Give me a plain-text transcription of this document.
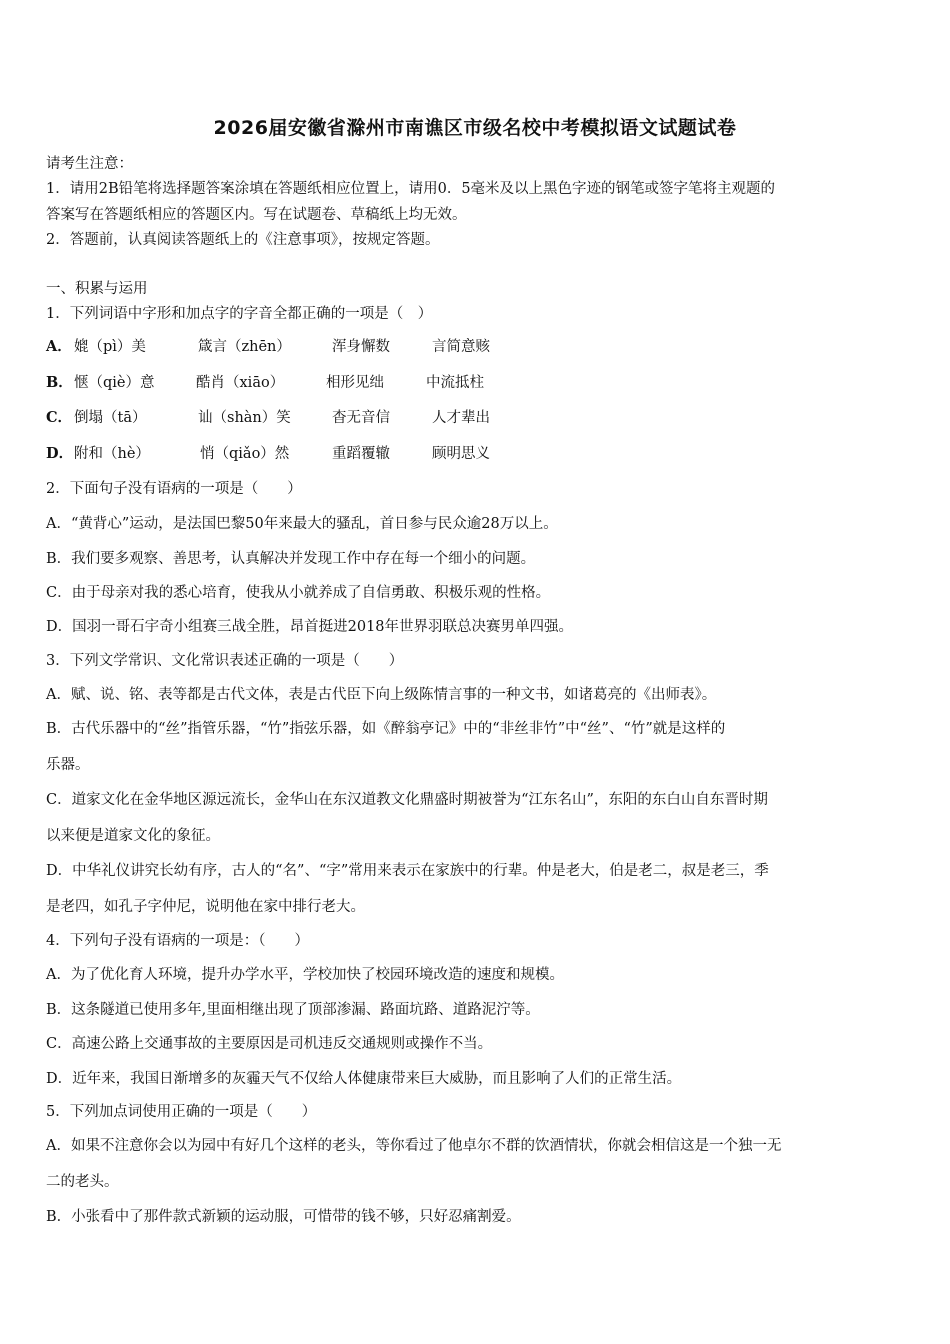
2026届安徽省滁州市南谯区市级名校中考模拟语文试题试卷
请考生注意：
1．请用2B铅笔将选择题答案涂填在答题纸相应位置上，请用0．5毫米及以上黑色字迹的钢笔或签字笔将主观题的
答案写在答题纸相应的答题区内。写在试题卷、草稿纸上均无效。
2．答题前，认真阅读答题纸上的《注意事项》，按规定答题。
一、积累与运用
1．下列词语中字形和加点字的字音全都正确的一项是（　）
A． 媲（pì）美	箴言（zhēn）	浑身懈数	言简意赅
B． 惬（qiè）意	酷肖（xiāo）	相形见绌	中流抵柱
C． 倒塌（tā）	讪（shàn）笑	杳无音信	人才辈出
D． 附和（hè）	悄（qiǎo）然	重蹈覆辙	顾明思义
2．下面句子没有语病的一项是（　　）
A．“黄背心”运动，是法国巴黎50年来最大的骚乱，首日参与民众逾28万以上。
B．我们要多观察、善思考，认真解决并发现工作中存在每一个细小的问题。
C．由于母亲对我的悉心培育，使我从小就养成了自信勇敢、积极乐观的性格。
D．国羽一哥石宇奇小组赛三战全胜，昂首挺进2018年世界羽联总决赛男单四强。
3．下列文学常识、文化常识表述正确的一项是（　　）
A．赋、说、铭、表等都是古代文体，表是古代臣下向上级陈情言事的一种文书，如诸葛亮的《出师表》。
B．古代乐器中的“丝”指管乐器，“竹”指弦乐器，如《醉翁亭记》中的“非丝非竹”中“丝”、“竹”就是这样的
乐器。
C．道家文化在金华地区源远流长，金华山在东汉道教文化鼎盛时期被誉为“江东名山”，东阳的东白山自东晋时期
以来便是道家文化的象征。
D．中华礼仪讲究长幼有序，古人的“名”、“字”常用来表示在家族中的行辈。仲是老大，伯是老二，叔是老三，季
是老四，如孔子字仲尼，说明他在家中排行老大。
4．下列句子没有语病的一项是：（　　）
A．为了优化育人环境，提升办学水平，学校加快了校园环境改造的速度和规模。
B．这条隧道已使用多年,里面相继出现了顶部渗漏、路面坑路、道路泥泞等。
C．高速公路上交通事故的主要原因是司机违反交通规则或操作不当。
D．近年来，我国日渐增多的灰霾天气不仅给人体健康带来巨大威胁，而且影响了人们的正常生活。
5．下列加点词使用正确的一项是（　　）
A．如果不注意你会以为园中有好几个这样的老头，等你看过了他卓尔不群的饮酒情状，你就会相信这是一个独一无
二的老头。
B．小张看中了那件款式新颖的运动服，可惜带的钱不够，只好忍痛割爱。
